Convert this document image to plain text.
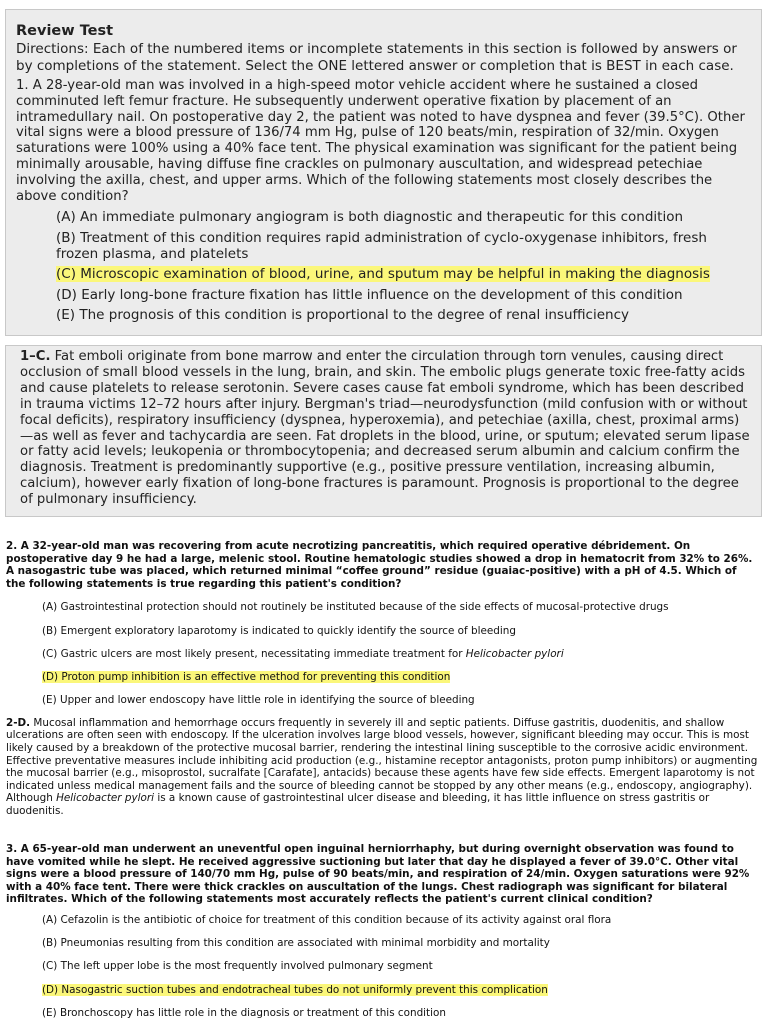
Review Test
Directions: Each of the numbered items or incomplete statements in this section is followed by answers or by completions of the statement. Select the ONE lettered answer or completion that is BEST in each case.
1. A 28-year-old man was involved in a high-speed motor vehicle accident where he sustained a closed comminuted left femur fracture. He subsequently underwent operative fixation by placement of an intramedullary nail. On postoperative day 2, the patient was noted to have dyspnea and fever (39.5°C). Other vital signs were a blood pressure of 136/74 mm Hg, pulse of 120 beats/min, respiration of 32/min. Oxygen saturations were 100% using a 40% face tent. The physical examination was significant for the patient being minimally arousable, having diffuse fine crackles on pulmonary auscultation, and widespread petechiae involving the axilla, chest, and upper arms. Which of the following statements most closely describes the above condition?
(A) An immediate pulmonary angiogram is both diagnostic and therapeutic for this condition
(B) Treatment of this condition requires rapid administration of cyclo-oxygenase inhibitors, fresh frozen plasma, and platelets
(C) Microscopic examination of blood, urine, and sputum may be helpful in making the diagnosis
(D) Early long-bone fracture fixation has little influence on the development of this condition
(E) The prognosis of this condition is proportional to the degree of renal insufficiency
1–C. Fat emboli originate from bone marrow and enter the circulation through torn venules, causing direct occlusion of small blood vessels in the lung, brain, and skin. The embolic plugs generate toxic free-fatty acids and cause platelets to release serotonin. Severe cases cause fat emboli syndrome, which has been described in trauma victims 12–72 hours after injury. Bergman's triad—neurodysfunction (mild confusion with or without focal deficits), respiratory insufficiency (dyspnea, hyperoxemia), and petechiae (axilla, chest, proximal arms)—as well as fever and tachycardia are seen. Fat droplets in the blood, urine, or sputum; elevated serum lipase or fatty acid levels; leukopenia or thrombocytopenia; and decreased serum albumin and calcium confirm the diagnosis. Treatment is predominantly supportive (e.g., positive pressure ventilation, increasing albumin, calcium), however early fixation of long-bone fractures is paramount. Prognosis is proportional to the degree of pulmonary insufficiency.
2. A 32-year-old man was recovering from acute necrotizing pancreatitis, which required operative débridement. On postoperative day 9 he had a large, melenic stool. Routine hematologic studies showed a drop in hematocrit from 32% to 26%. A nasogastric tube was placed, which returned minimal “coffee ground” residue (guaiac-positive) with a pH of 4.5. Which of the following statements is true regarding this patient's condition?
(A) Gastrointestinal protection should not routinely be instituted because of the side effects of mucosal-protective drugs
(B) Emergent exploratory laparotomy is indicated to quickly identify the source of bleeding
(C) Gastric ulcers are most likely present, necessitating immediate treatment for Helicobacter pylori
(D) Proton pump inhibition is an effective method for preventing this condition
(E) Upper and lower endoscopy have little role in identifying the source of bleeding
2-D. Mucosal inflammation and hemorrhage occurs frequently in severely ill and septic patients. Diffuse gastritis, duodenitis, and shallow ulcerations are often seen with endoscopy. If the ulceration involves large blood vessels, however, significant bleeding may occur. This is most likely caused by a breakdown of the protective mucosal barrier, rendering the intestinal lining susceptible to the corrosive acidic environment. Effective preventative measures include inhibiting acid production (e.g., histamine receptor antagonists, proton pump inhibitors) or augmenting the mucosal barrier (e.g., misoprostol, sucralfate [Carafate], antacids) because these agents have few side effects. Emergent laparotomy is not indicated unless medical management fails and the source of bleeding cannot be stopped by any other means (e.g., endoscopy, angiography). Although Helicobacter pylori is a known cause of gastrointestinal ulcer disease and bleeding, it has little influence on stress gastritis or duodenitis.
3. A 65-year-old man underwent an uneventful open inguinal herniorrhaphy, but during overnight observation was found to have vomited while he slept. He received aggressive suctioning but later that day he displayed a fever of 39.0°C. Other vital signs were a blood pressure of 140/70 mm Hg, pulse of 90 beats/min, and respiration of 24/min. Oxygen saturations were 92% with a 40% face tent. There were thick crackles on auscultation of the lungs. Chest radiograph was significant for bilateral infiltrates. Which of the following statements most accurately reflects the patient's current clinical condition?
(A) Cefazolin is the antibiotic of choice for treatment of this condition because of its activity against oral flora
(B) Pneumonias resulting from this condition are associated with minimal morbidity and mortality
(C) The left upper lobe is the most frequently involved pulmonary segment
(D) Nasogastric suction tubes and endotracheal tubes do not uniformly prevent this complication
(E) Bronchoscopy has little role in the diagnosis or treatment of this condition
